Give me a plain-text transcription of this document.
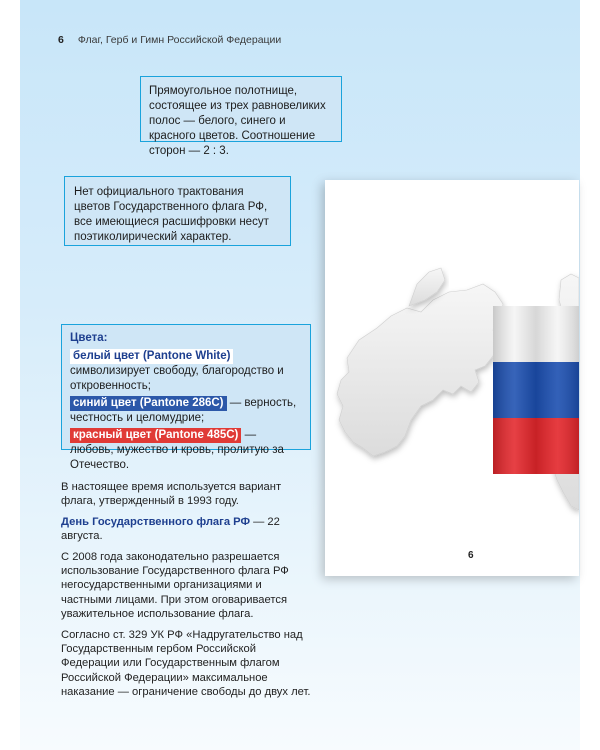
6 Флаг, Герб и Гимн Российской Федерации
Прямоугольное полотнище, состоящее из трех равновеликих полос — белого, синего и красного цветов. Соотношение сторон — 2 : 3.
Нет официального трактования цветов Государственного флага РФ, все имеющиеся расшифровки несут поэтиколирический характер.
Цвета:
белый цвет (Pantone White) символизирует свободу, благородство и откровенность;
синий цвет (Pantone 286C) — верность, честность и целомудрие;
красный цвет (Pantone 485C) — любовь, мужество и кровь, пролитую за Отечество.

В настоящее время используется вариант флага, утвержденный в 1993 году.

День Государственного флага РФ — 22 августа.

С 2008 года законодательно разрешается использование Государственного флага РФ негосударственными организациями и частными лицами. При этом оговаривается уважительное использование флага.

Согласно ст. 329 УК РФ «Надругательство над Государственным гербом Российской Федерации или Государственным флагом Российской Федерации» максимальное наказание — ограничение свободы до двух лет.

6
